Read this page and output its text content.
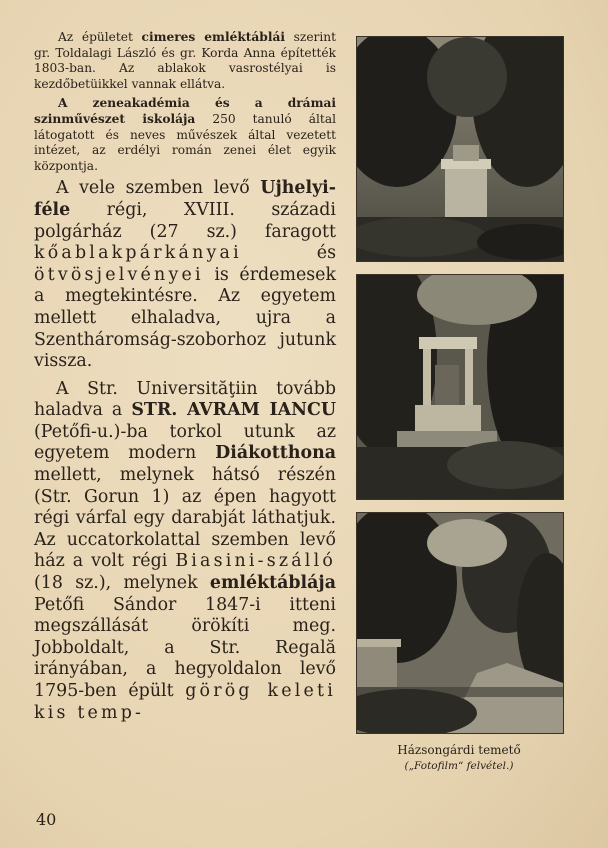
Az épületet cimeres emléktáblái szerint gr. Toldalagi László és gr. Korda Anna építették 1803-ban. Az ablakok vasrostélyai is kezdőbetüikkel vannak ellátva.

A zeneakadémia és a drámai szinművészet iskolája 250 tanuló által látogatott és neves művészek által vezetett intézet, az erdélyi román zenei élet egyik központja.

A vele szemben levő Ujhelyi-féle régi, XVIII. századi polgárház (27 sz.) faragott kőablakpárkányai és ötvösjelvényei is érdemesek a megtekintésre. Az egyetem mellett elhaladva, ujra a Szentháromság-szoborhoz jutunk vissza.

A Str. Universităţiin tovább haladva a STR. AVRAM IANCU (Petőfi-u.)-ba torkol utunk az egyetem modern Diákotthona mellett, melynek hátsó részén (Str. Gorun 1) az épen hagyott régi várfal egy darabját láthatjuk. Az uccatorkolattal szemben levő ház a volt régi Biasini-szálló (18 sz.), melynek emléktáblája Petőfi Sándor 1847-i itteni megszállását örökíti meg. Jobboldalt, a Str. Regală irányában, a hegyoldalon levő 1795-ben épült görög keleti kis temp-

Házsongárdi temető
(„Fotofilm“ felvétel.)
40
